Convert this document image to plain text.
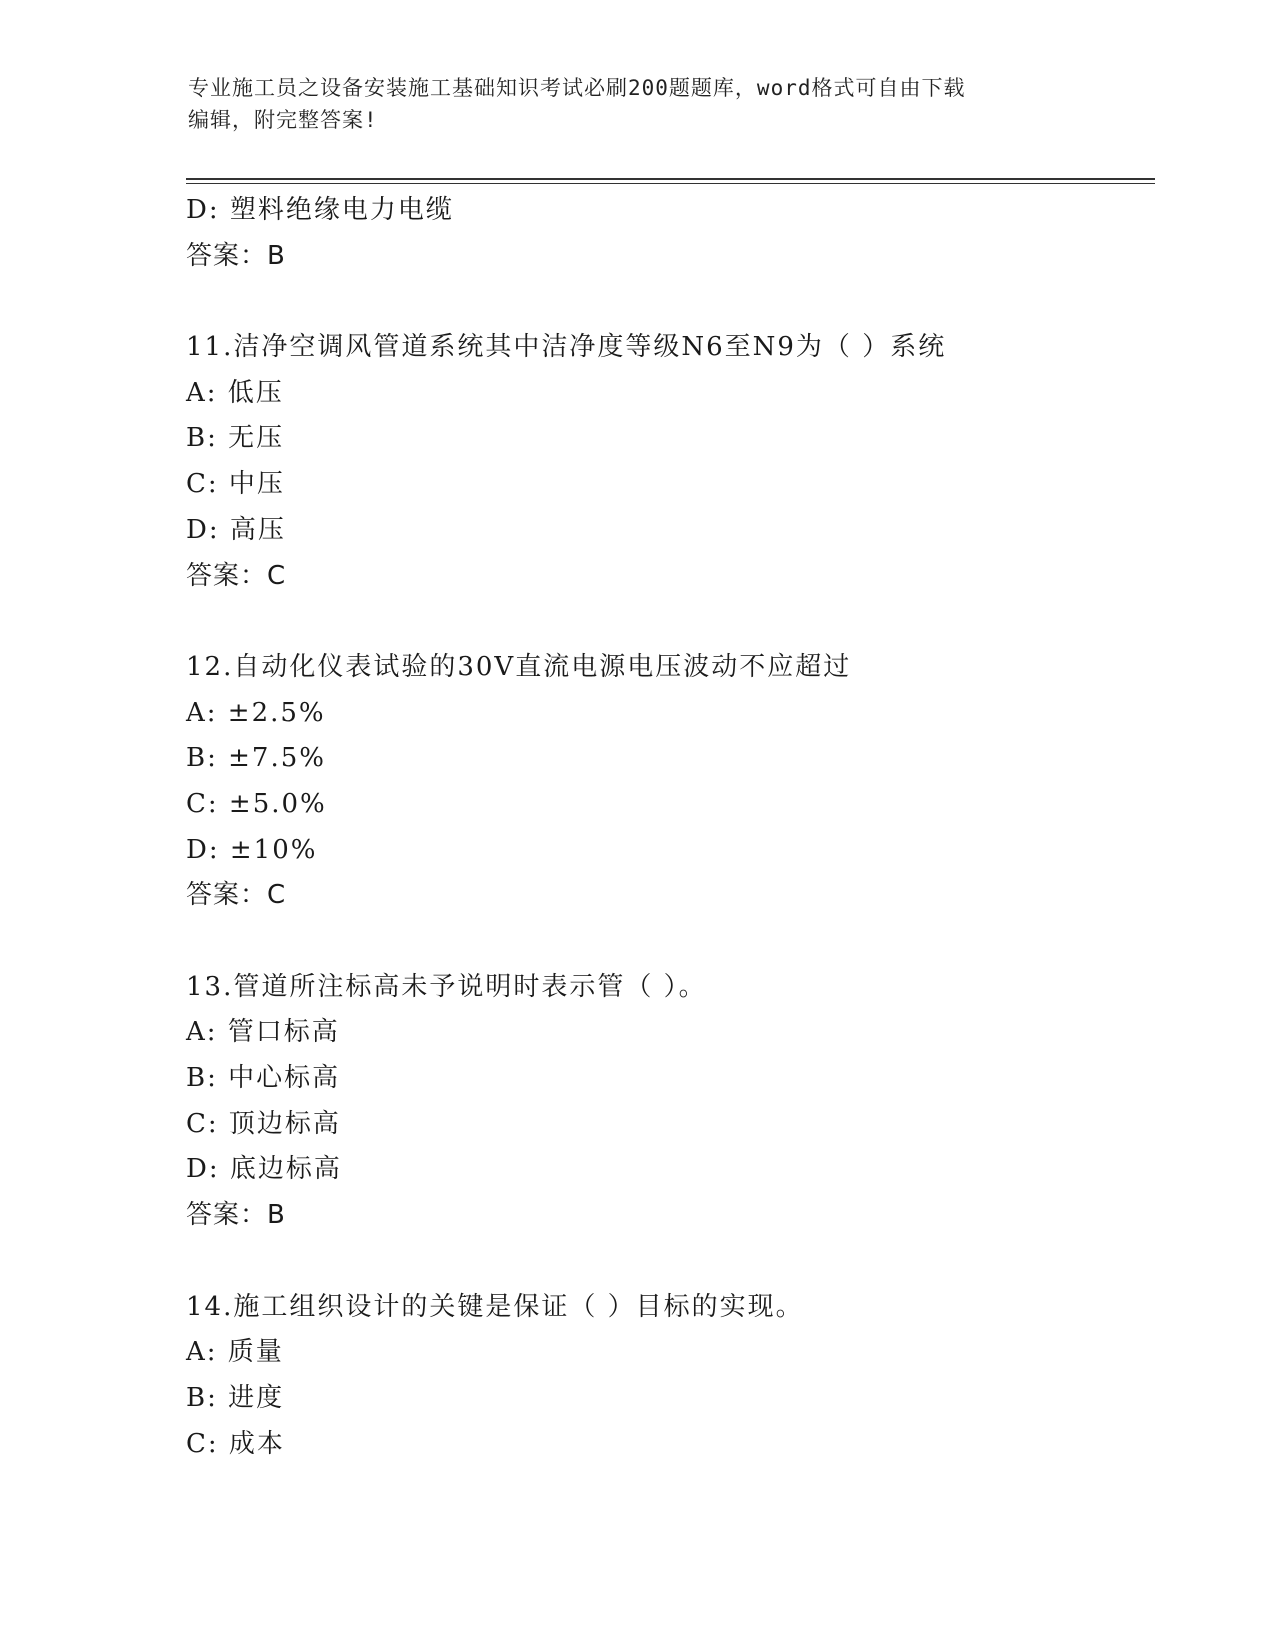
专业施工员之设备安装施工基础知识考试必刷200题题库，word格式可自由下载

编辑，附完整答案!

D: 塑料绝缘电力电缆
答案：B
11.洁净空调风管道系统其中洁净度等级N6至N9为（ ）系统
A: 低压
B: 无压
C: 中压
D: 高压
答案：C
12.自动化仪表试验的30V直流电源电压波动不应超过
A: ±2.5%
B: ±7.5%
C: ±5.0%
D: ±10%
答案：C
13.管道所注标高未予说明时表示管（ ）。
A: 管口标高
B: 中心标高
C: 顶边标高
D: 底边标高
答案：B
14.施工组织设计的关键是保证（ ）目标的实现。
A: 质量
B: 进度
C: 成本
